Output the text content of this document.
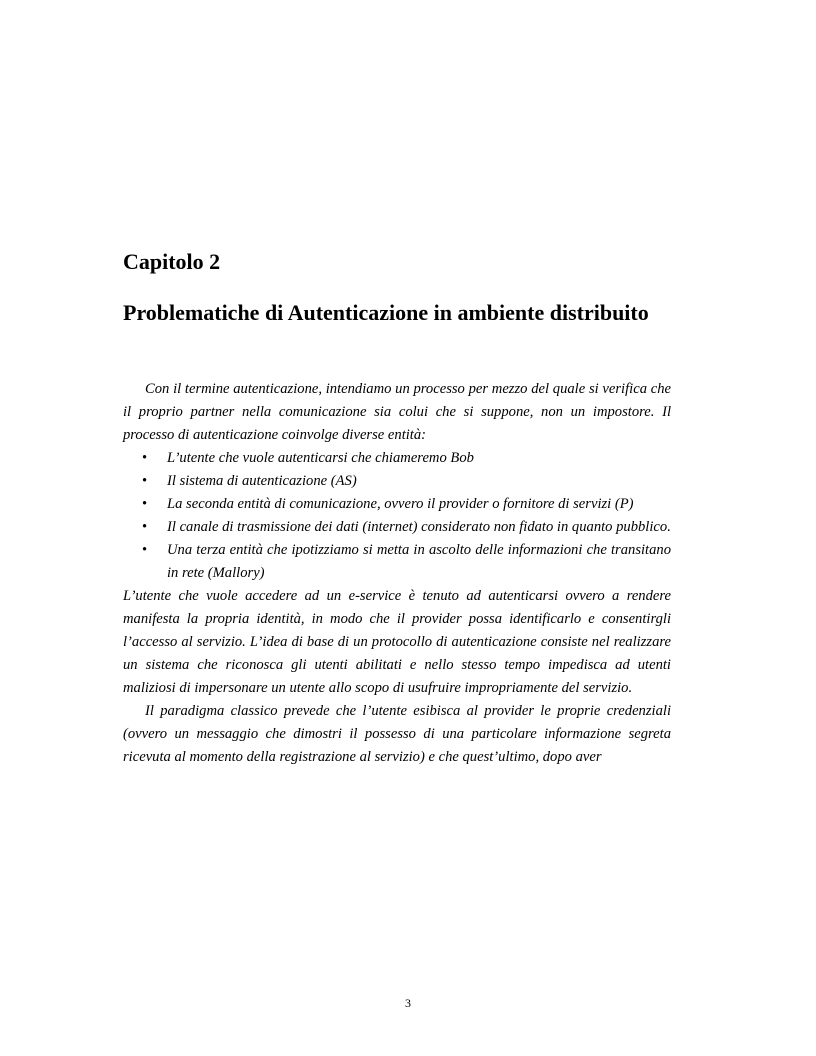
Capitolo 2
Problematiche di Autenticazione in ambiente distribuito

Con il termine autenticazione, intendiamo un processo per mezzo del quale si verifica che il proprio partner nella comunicazione sia colui che si suppone, non un impostore. Il processo di autenticazione coinvolge diverse entità:

• L’utente che vuole autenticarsi che chiameremo Bob
• Il sistema di autenticazione (AS)
• La seconda entità di comunicazione, ovvero il provider o fornitore di servizi (P)
• Il canale di trasmissione dei dati (internet) considerato non fidato in quanto pubblico.
• Una terza entità che ipotizziamo si metta in ascolto delle informazioni che transitano in rete (Mallory)

L’utente che vuole accedere ad un e-service è tenuto ad autenticarsi ovvero a rendere manifesta la propria identità, in modo che il provider possa identificarlo e consentirgli l’accesso al servizio. L’idea di base di un protocollo di autenticazione consiste nel realizzare un sistema che riconosca gli utenti abilitati e nello stesso tempo impedisca ad utenti maliziosi di impersonare un utente allo scopo di usufruire impropriamente del servizio.

Il paradigma classico prevede che l’utente esibisca al provider le proprie credenziali (ovvero un messaggio che dimostri il possesso di una particolare informazione segreta ricevuta al momento della registrazione al servizio) e che quest’ultimo, dopo aver

3
